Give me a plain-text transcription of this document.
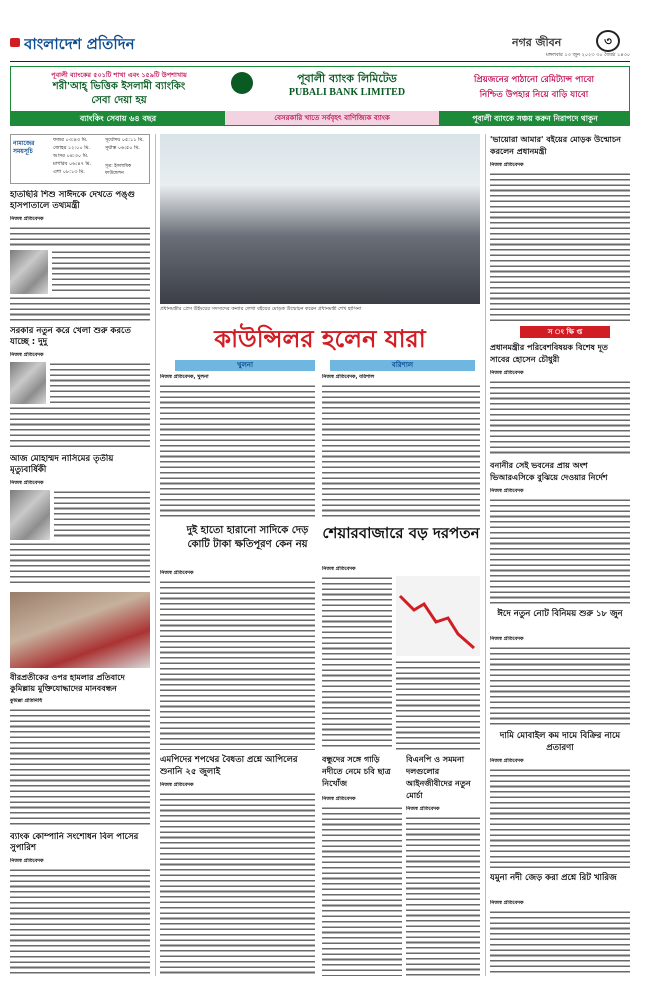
বাংলাদেশ প্রতিদিন	নগর জীবন	৩
মঙ্গলবার ১৩ জুন ২০২৩ ৩০ জ্যৈষ্ঠ ১৪৩০
পূবালী ব্যাংকের ৫০১টি শাখা এবং ১৫৯টি উপশাখায়
শরী'আহ্‌ ভিত্তিক ইসলামী ব্যাংকিং
সেবা দেয়া হয়
ব্যাংকিং সেবায় ৬৪ বছর
পূবালী ব্যাংক লিমিটেড
PUBALI BANK LIMITED
বেসরকারি খাতে সর্ববৃহৎ বাণিজ্যিক ব্যাংক
প্রিয়জনের পাঠানো রেমিট্যান্স পাবো
নিশ্চিত উপহার নিয়ে বাড়ি যাবো
পূবালী ব্যাংকে সঞ্চয় করুন নিরাপদে থাকুন
নামাজের সময়সূচি
ফজর ০৩:৪৩ মি.
জোহর ১২:০০ মি.
আসর ০৪:৩০ মি.
মাগরিব ০৬:৪৭ মি.
এশা ০৮:১৩ মি.
সূর্যোদয় ০৫:১১ মি.
সূর্যাস্ত ০৬:৫০ মি.
সূত্র: ইসলামিক ফাউন্ডেশন
হাতছিরি শিশু সাঈদকে দেখতে পঙ্গু হাসপাতালে তথ্যমন্ত্রী
নিজস্ব প্রতিবেদক
সরকার নতুন করে খেলা শুরু করতে যাচ্ছে : দুদু
নিজস্ব প্রতিবেদক
আজ মোহাম্মদ নাসিমের তৃতীয় মৃত্যুবার্ষিকী
নিজস্ব প্রতিবেদক
বীরপ্রতীকের ওপর হামলার প্রতিবাদে কুমিল্লায় মুক্তিযোদ্ধাদের মানববন্ধন
কুমিল্লা প্রতিনিধি
ব্যাংক কোম্পানি সংশোধন বিল পাসের সুপারিশ
নিজস্ব প্রতিবেদক
প্রধানমন্ত্রীর প্রেস উইংয়ের সদস্যদের কন্যার লেখা বইয়ের মোড়ক উন্মোচন করেন প্রধানমন্ত্রী শেখ হাসিনা
কাউন্সিলর হলেন যারা
খুলনা	বরিশাল
নিজস্ব প্রতিবেদক, খুলনা	নিজস্ব প্রতিবেদক, বরিশাল
দুই হাতো হারানো সাদিকে দেড় কোটি টাকা ক্ষতিপূরণ কেন নয়
নিজস্ব প্রতিবেদক
শেয়ারবাজারে বড় দরপতন
নিজস্ব প্রতিবেদক
এমপিদের শপথের বৈধতা প্রশ্নে আপিলের শুনানি ২৫ জুলাই
নিজস্ব প্রতিবেদক
বন্ধুদের সঙ্গে গাড়ি নদীতে নেমে চবি ছাত্র নিখোঁজ
নিজস্ব প্রতিবেদক
বিএনপি ও সমমনা দলগুলোর আইনজীবীদের নতুন মোর্চা
নিজস্ব প্রতিবেদক
'ভায়োরা আমার' বইয়ের মোড়ক উন্মোচন করলেন প্রধানমন্ত্রী
নিজস্ব প্রতিবেদক
স ং ক্ষি প্ত
প্রধানমন্ত্রীর পরিবেশবিষয়ক বিশেষ দূত সাবের হোসেন চৌধুরী
নিজস্ব প্রতিবেদক
বনানীর সেই ভবনের প্রায় অংশ ভিআরএসিকে বুঝিয়ে দেওয়ার নির্দেশ
নিজস্ব প্রতিবেদক
ঈদে নতুন নোট বিনিময় শুরু ১৮ জুন
নিজস্ব প্রতিবেদক
দামি মোবাইল কম দামে বিক্রির নামে প্রতারণা
নিজস্ব প্রতিবেদক
যমুনা নদী জেড় করা প্রশ্নে রিট খারিজ
নিজস্ব প্রতিবেদক
